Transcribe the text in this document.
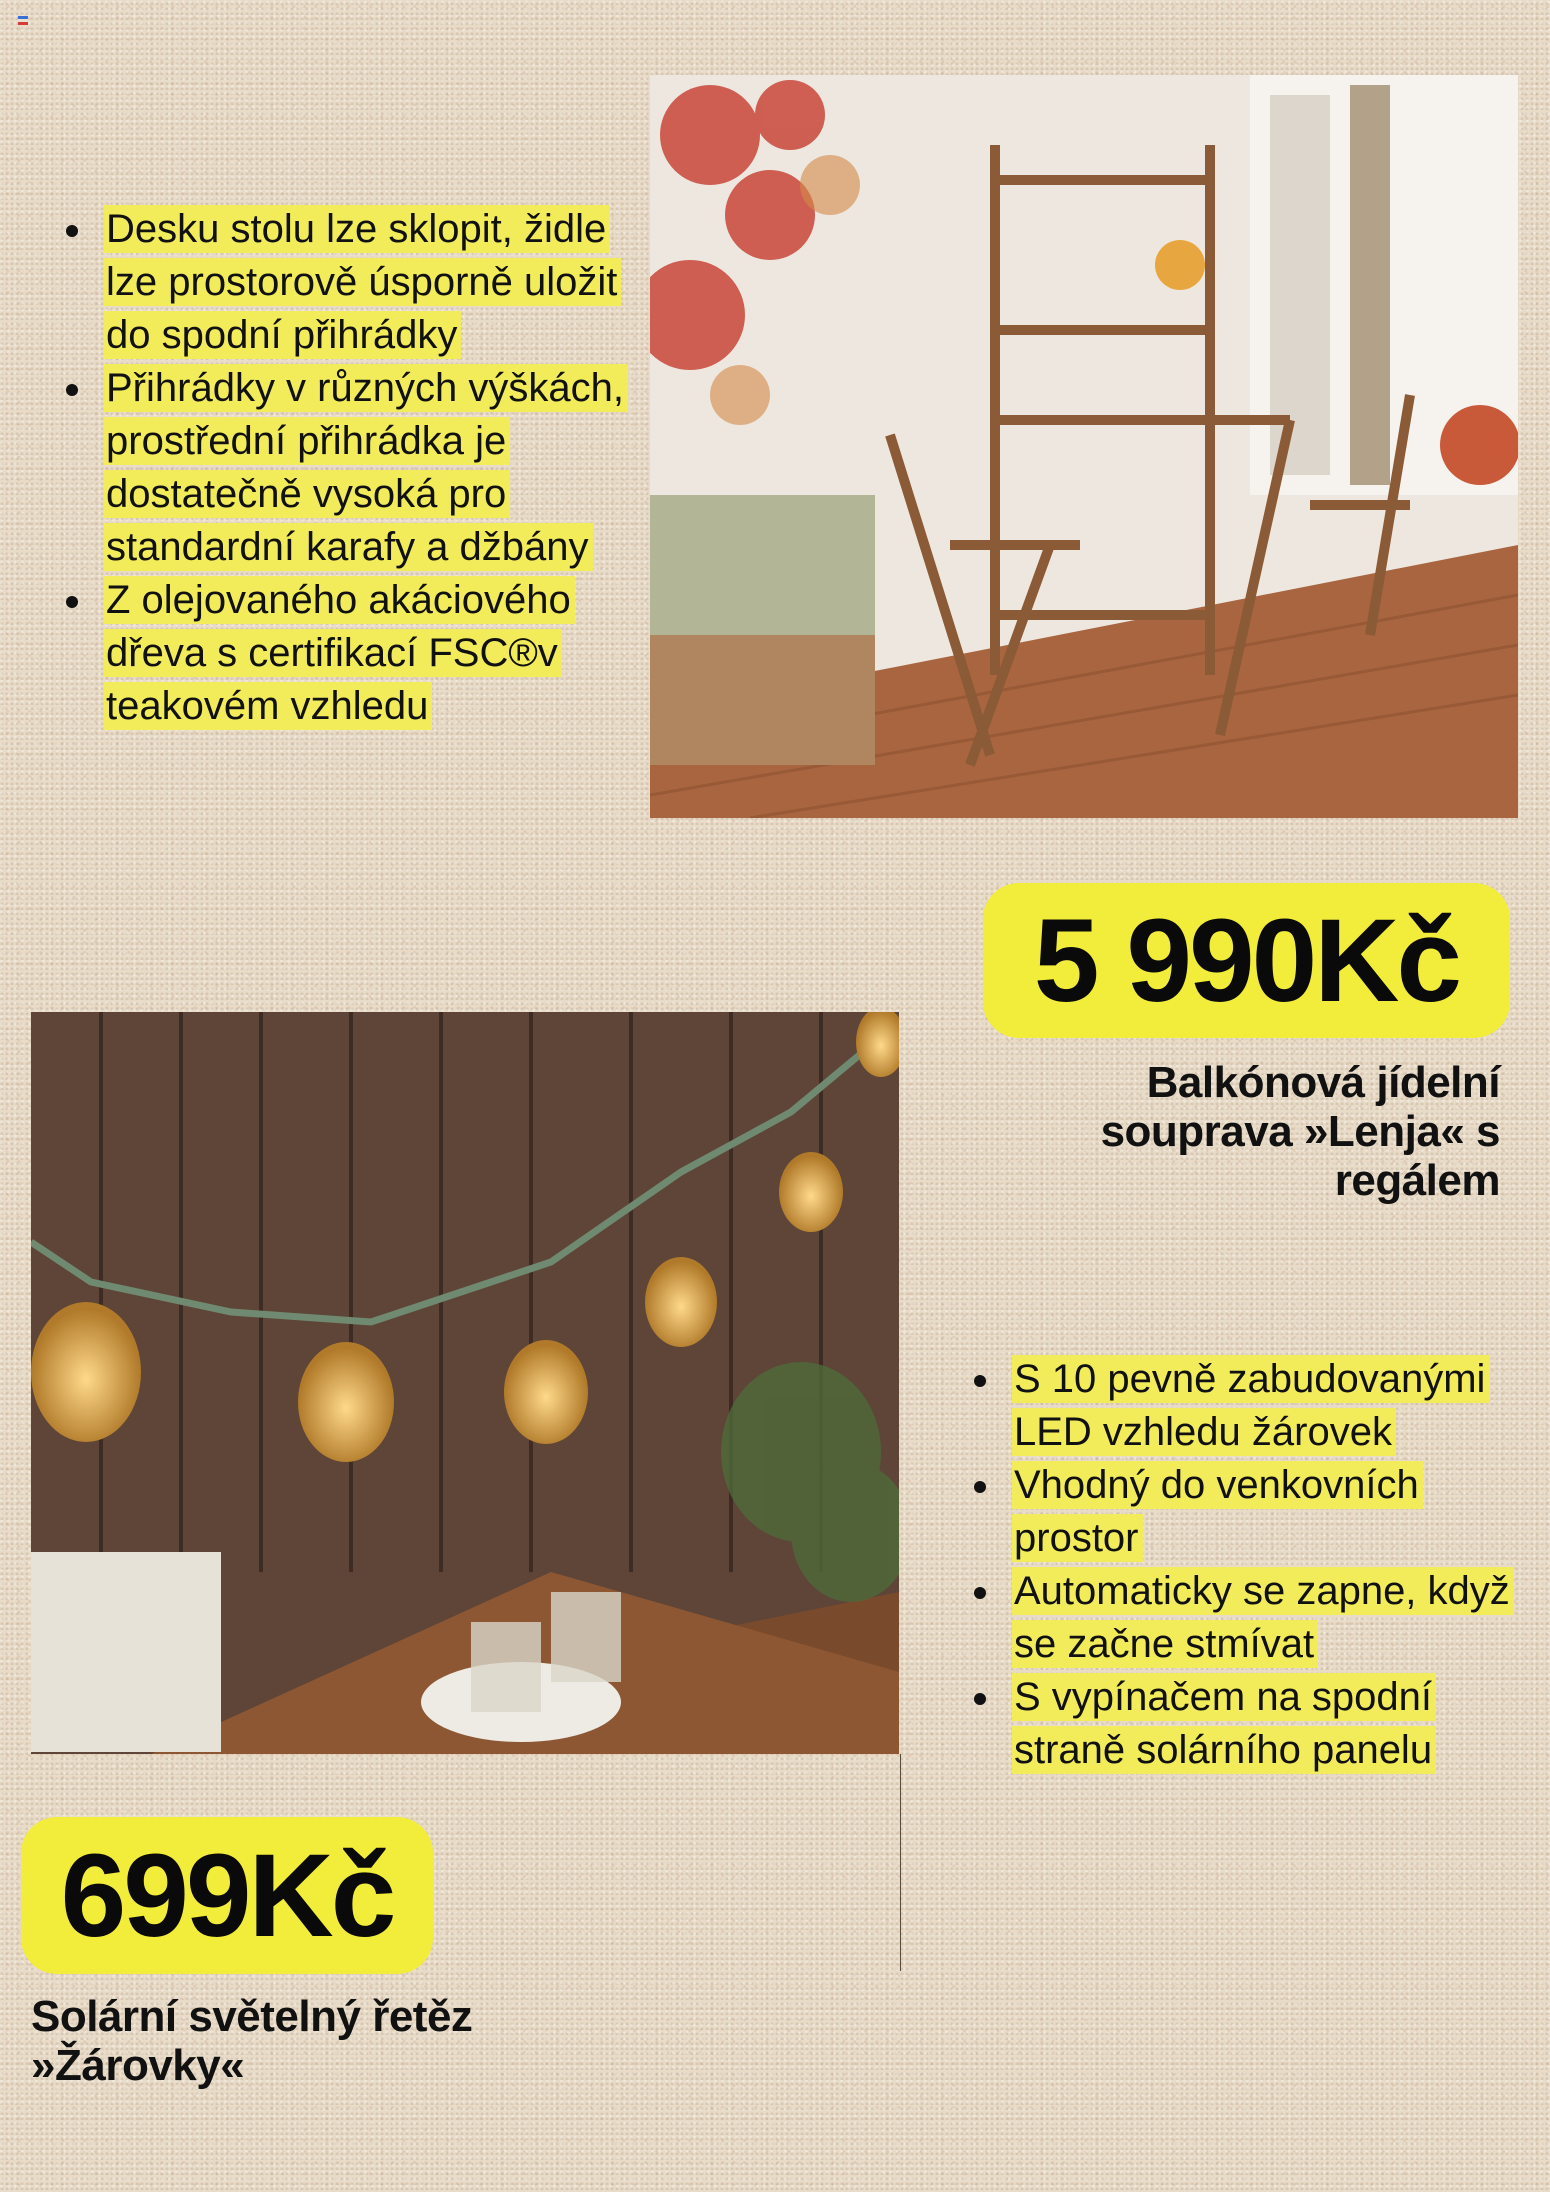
Desku stolu lze sklopit, židle lze prostorově úsporně uložit do spodní přihrádky
Přihrádky v různých výškách, prostřední přihrádka je dostatečně vysoká pro standardní karafy a džbány
Z olejovaného akáciového dřeva s certifikací FSC®v teakovém vzhledu
5 990Kč
Balkónová jídelní souprava »Lenja« s regálem
S 10 pevně zabudovanými LED vzhledu žárovek
Vhodný do venkovních prostor
Automaticky se zapne, když se začne stmívat
S vypínačem na spodní straně solárního panelu
699Kč
Solární světelný řetěz »Žárovky«
